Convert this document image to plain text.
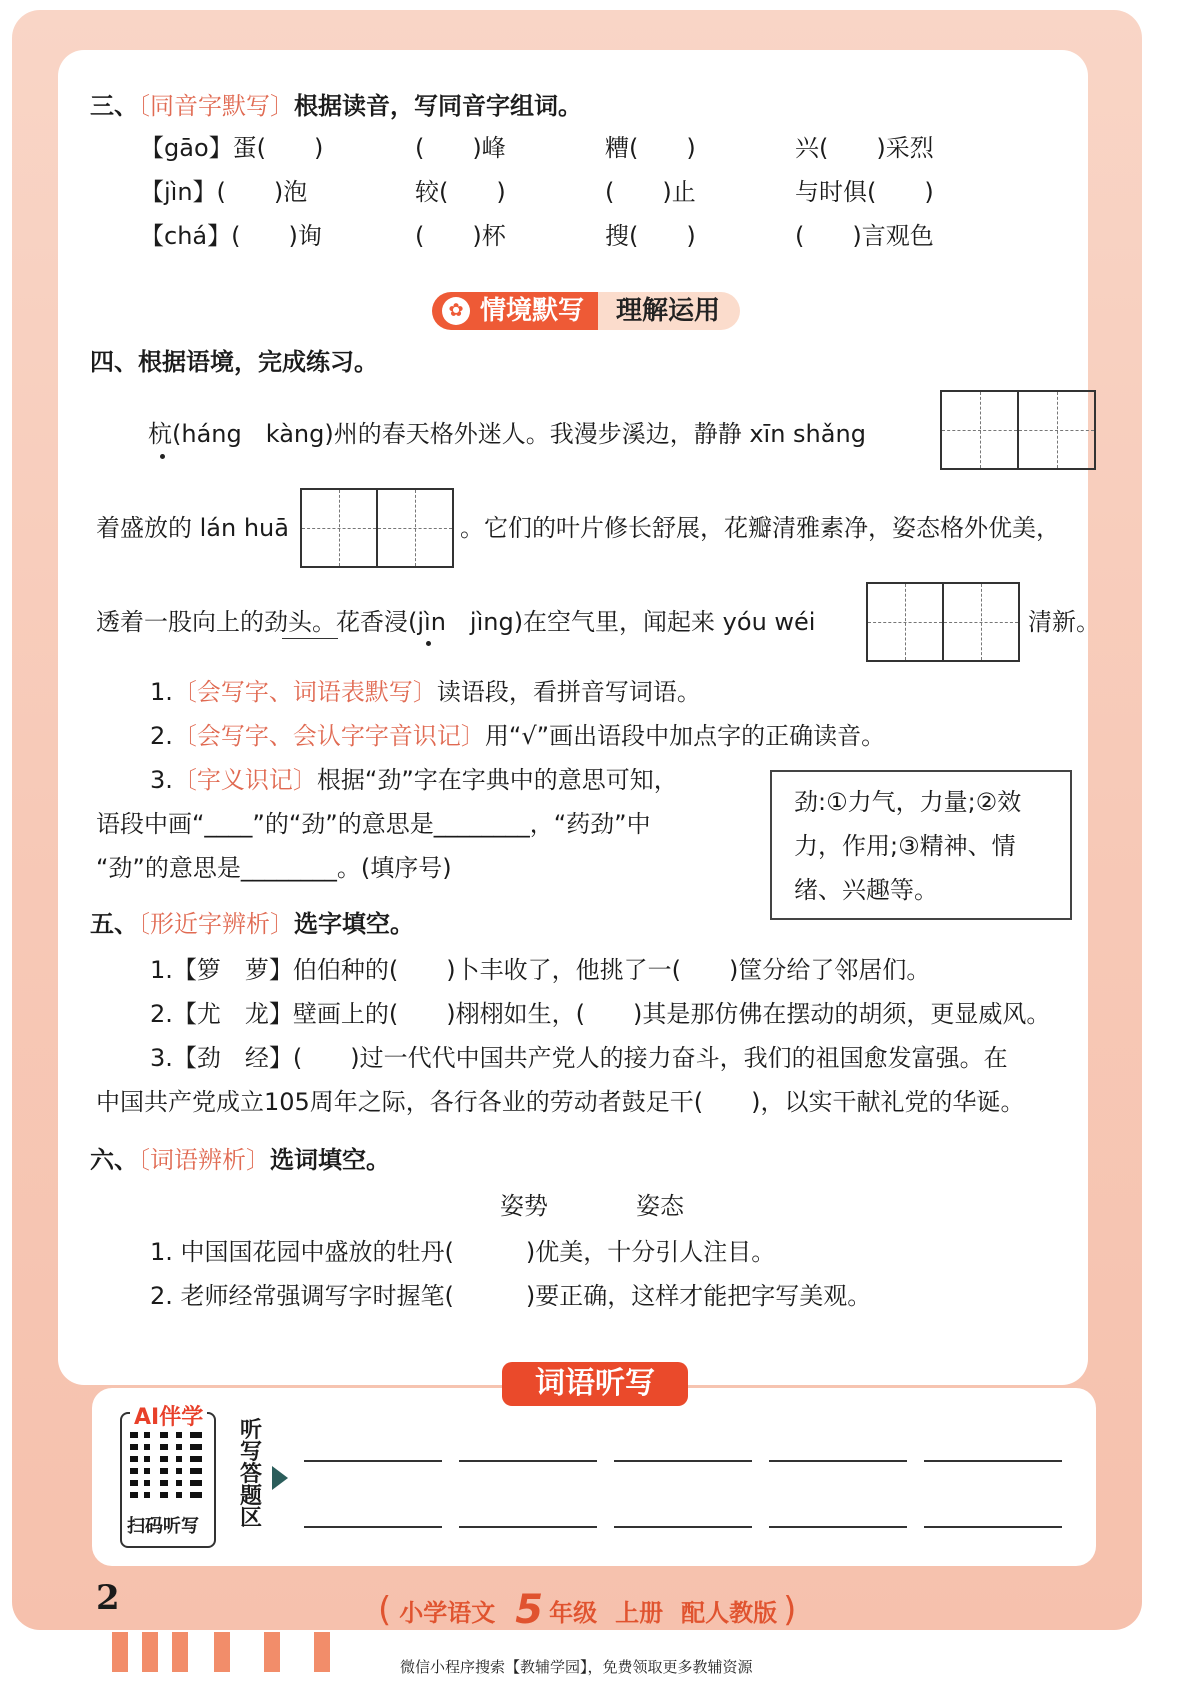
三、〔同音字默写〕根据读音，写同音字组词。
【gāo】蛋(　　)	(　　)峰	糟(　　)	兴(　　)采烈
【jìn】(　　)泡	较(　　)	(　　)止	与时俱(　　)
【chá】(　　)询	(　　)杯	搜(　　)	(　　)言观色
✿ 情境默写	理解运用
四、根据语境，完成练习。
杭(háng　kàng)州的春天格外迷人。我漫步溪边，静静 xīn shǎng
着盛放的 lán huā	。它们的叶片修长舒展，花瓣清雅素净，姿态格外优美，
透着一股向上的劲头。花香浸(jìn　jìng)在空气里，闻起来 yóu wéi	清新。
1.〔会写字、词语表默写〕读语段，看拼音写词语。
2.〔会写字、会认字字音识记〕用“√”画出语段中加点字的正确读音。
3.〔字义识记〕根据“劲”字在字典中的意思可知，
语段中画“____”的“劲”的意思是________，“药劲”中
“劲”的意思是________。(填序号)
劲:①力气，力量;②效
力，作用;③精神、情
绪、兴趣等。
五、〔形近字辨析〕选字填空。
1.【箩　萝】伯伯种的(　　)卜丰收了，他挑了一(　　)筐分给了邻居们。
2.【尤　龙】壁画上的(　　)栩栩如生，(　　)其是那仿佛在摆动的胡须，更显威风。
3.【劲　经】(　　)过一代代中国共产党人的接力奋斗，我们的祖国愈发富强。在
中国共产党成立105周年之际，各行各业的劳动者鼓足干(　　)，以实干献礼党的华诞。
六、〔词语辨析〕选词填空。
姿势	姿态
1. 中国国花园中盛放的牡丹(　　　)优美，十分引人注目。
2. 老师经常强调写字时握笔(　　　)要正确，这样才能把字写美观。
词语听写
AI伴学
扫码听写
听写答题区
2	( 小学语文 5 年级 上册 配人教版 )
微信小程序搜索【教辅学园】，免费领取更多教辅资源
